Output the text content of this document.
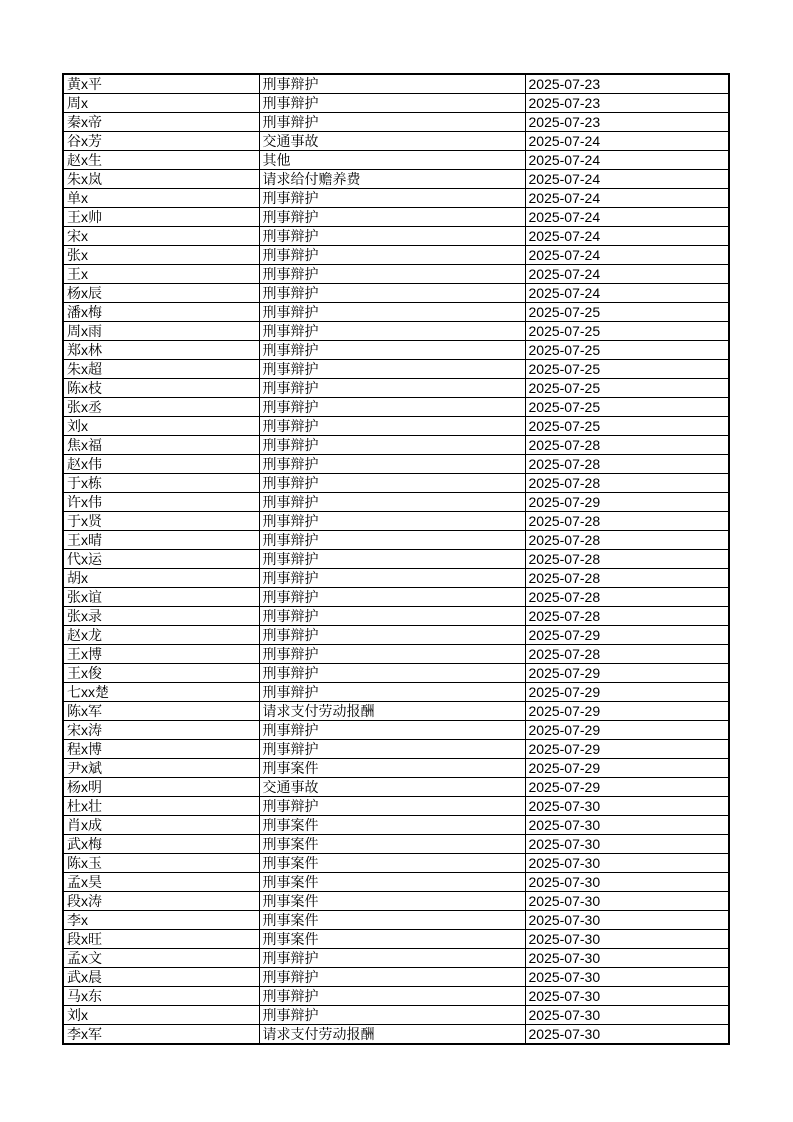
黄x平	刑事辩护	2025-07-23
周x	刑事辩护	2025-07-23
秦x帝	刑事辩护	2025-07-23
谷x芳	交通事故	2025-07-24
赵x生	其他	2025-07-24
朱x岚	请求给付赡养费	2025-07-24
单x	刑事辩护	2025-07-24
王x帅	刑事辩护	2025-07-24
宋x	刑事辩护	2025-07-24
张x	刑事辩护	2025-07-24
王x	刑事辩护	2025-07-24
杨x辰	刑事辩护	2025-07-24
潘x梅	刑事辩护	2025-07-25
周x雨	刑事辩护	2025-07-25
郑x林	刑事辩护	2025-07-25
朱x超	刑事辩护	2025-07-25
陈x枝	刑事辩护	2025-07-25
张x丞	刑事辩护	2025-07-25
刘x	刑事辩护	2025-07-25
焦x福	刑事辩护	2025-07-28
赵x伟	刑事辩护	2025-07-28
于x栋	刑事辩护	2025-07-28
许x伟	刑事辩护	2025-07-29
于x贤	刑事辩护	2025-07-28
王x晴	刑事辩护	2025-07-28
代x运	刑事辩护	2025-07-28
胡x	刑事辩护	2025-07-28
张x谊	刑事辩护	2025-07-28
张x录	刑事辩护	2025-07-28
赵x龙	刑事辩护	2025-07-29
王x博	刑事辩护	2025-07-28
王x俊	刑事辩护	2025-07-29
七xx楚	刑事辩护	2025-07-29
陈x军	请求支付劳动报酬	2025-07-29
宋x涛	刑事辩护	2025-07-29
程x博	刑事辩护	2025-07-29
尹x斌	刑事案件	2025-07-29
杨x明	交通事故	2025-07-29
杜x壮	刑事辩护	2025-07-30
肖x成	刑事案件	2025-07-30
武x梅	刑事案件	2025-07-30
陈x玉	刑事案件	2025-07-30
孟x昊	刑事案件	2025-07-30
段x涛	刑事案件	2025-07-30
李x	刑事案件	2025-07-30
段x旺	刑事案件	2025-07-30
孟x文	刑事辩护	2025-07-30
武x晨	刑事辩护	2025-07-30
马x东	刑事辩护	2025-07-30
刘x	刑事辩护	2025-07-30
李x军	请求支付劳动报酬	2025-07-30
